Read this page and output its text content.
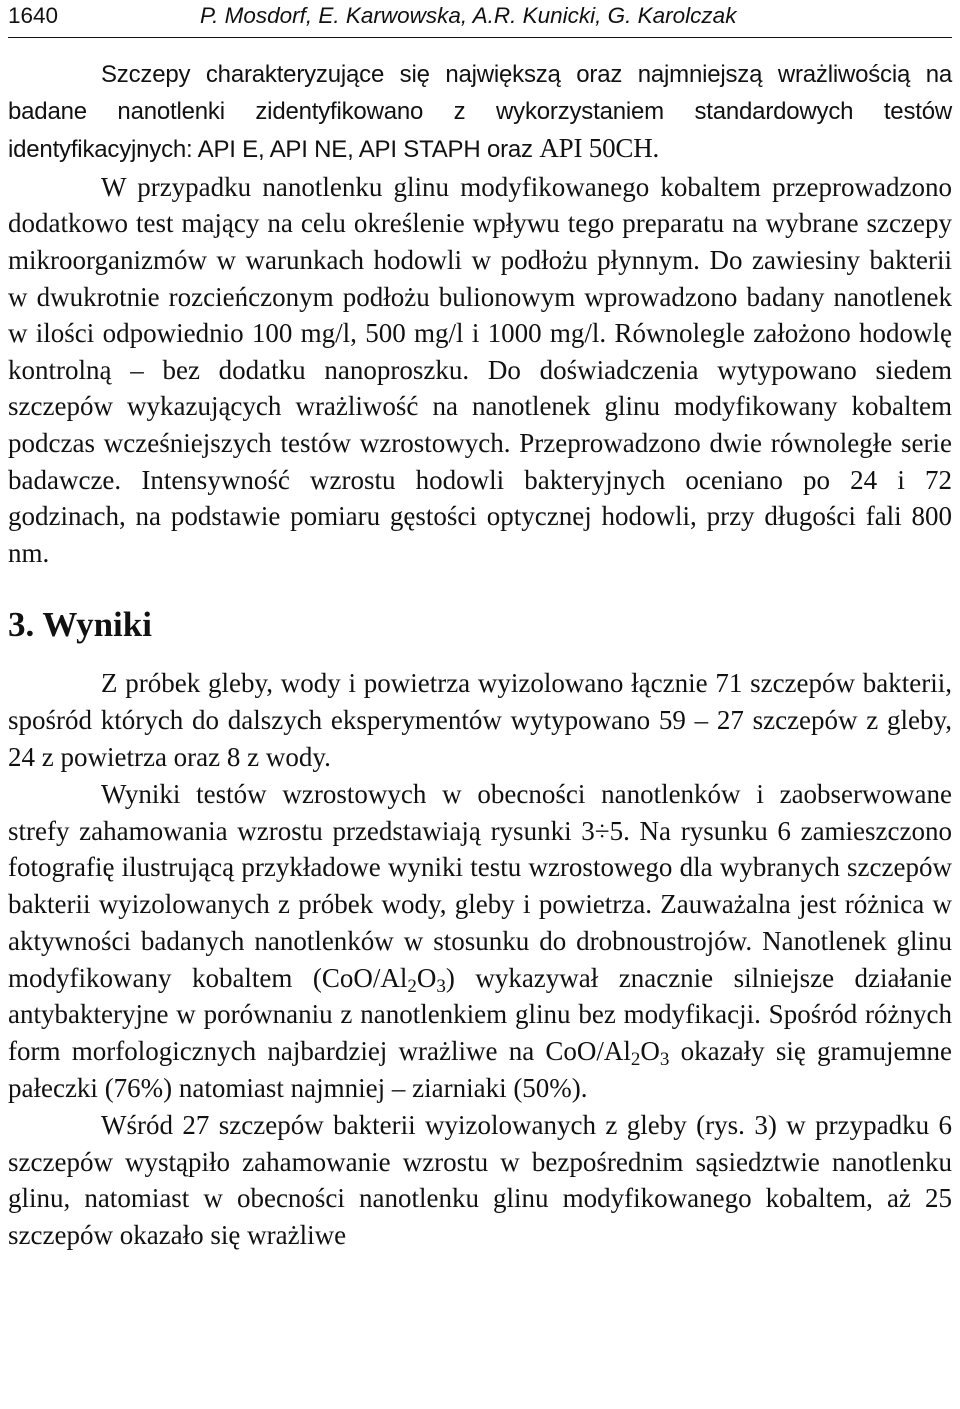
1640	P. Mosdorf, E. Karwowska, A.R. Kunicki, G. Karolczak

Szczepy charakteryzujące się największą oraz najmniejszą wrażliwością na badane nanotlenki zidentyfikowano z wykorzystaniem standardowych testów identyfikacyjnych: API E, API NE, API STAPH oraz API 50CH.

W przypadku nanotlenku glinu modyfikowanego kobaltem przeprowadzono dodatkowo test mający na celu określenie wpływu tego preparatu na wybrane szczepy mikroorganizmów w warunkach hodowli w podłożu płynnym. Do zawiesiny bakterii w dwukrotnie rozcieńczonym podłożu bulionowym wprowadzono badany nanotlenek w ilości odpowiednio 100 mg/l, 500 mg/l i 1000 mg/l. Równolegle założono hodowlę kontrolną – bez dodatku nanoproszku. Do doświadczenia wytypowano siedem szczepów wykazujących wrażliwość na nanotlenek glinu modyfikowany kobaltem podczas wcześniejszych testów wzrostowych. Przeprowadzono dwie równoległe serie badawcze. Intensywność wzrostu hodowli bakteryjnych oceniano po 24 i 72 godzinach, na podstawie pomiaru gęstości optycznej hodowli, przy długości fali 800 nm.

3. Wyniki

Z próbek gleby, wody i powietrza wyizolowano łącznie 71 szczepów bakterii, spośród których do dalszych eksperymentów wytypowano 59 – 27 szczepów z gleby, 24 z powietrza oraz 8 z wody.

Wyniki testów wzrostowych w obecności nanotlenków i zaobserwowane strefy zahamowania wzrostu przedstawiają rysunki 3÷5. Na rysunku 6 zamieszczono fotografię ilustrującą przykładowe wyniki testu wzrostowego dla wybranych szczepów bakterii wyizolowanych z próbek wody, gleby i powietrza. Zauważalna jest różnica w aktywności badanych nanotlenków w stosunku do drobnoustrojów. Nanotlenek glinu modyfikowany kobaltem $(CoO/Al_2O_3)$ wykazywał znacznie silniejsze działanie antybakteryjne w porównaniu z nanotlenkiem glinu bez modyfikacji. Spośród różnych form morfologicznych najbardziej wrażliwe na CoO/$Al_2O_3$ okazały się gramujemne pałeczki (76%) natomiast najmniej – ziarniaki (50%).

Wśród 27 szczepów bakterii wyizolowanych z gleby (rys. 3) w przypadku 6 szczepów wystąpiło zahamowanie wzrostu w bezpośrednim sąsiedztwie nanotlenku glinu, natomiast w obecności nanotlenku glinu modyfikowanego kobaltem, aż 25 szczepów okazało się wrażliwe
